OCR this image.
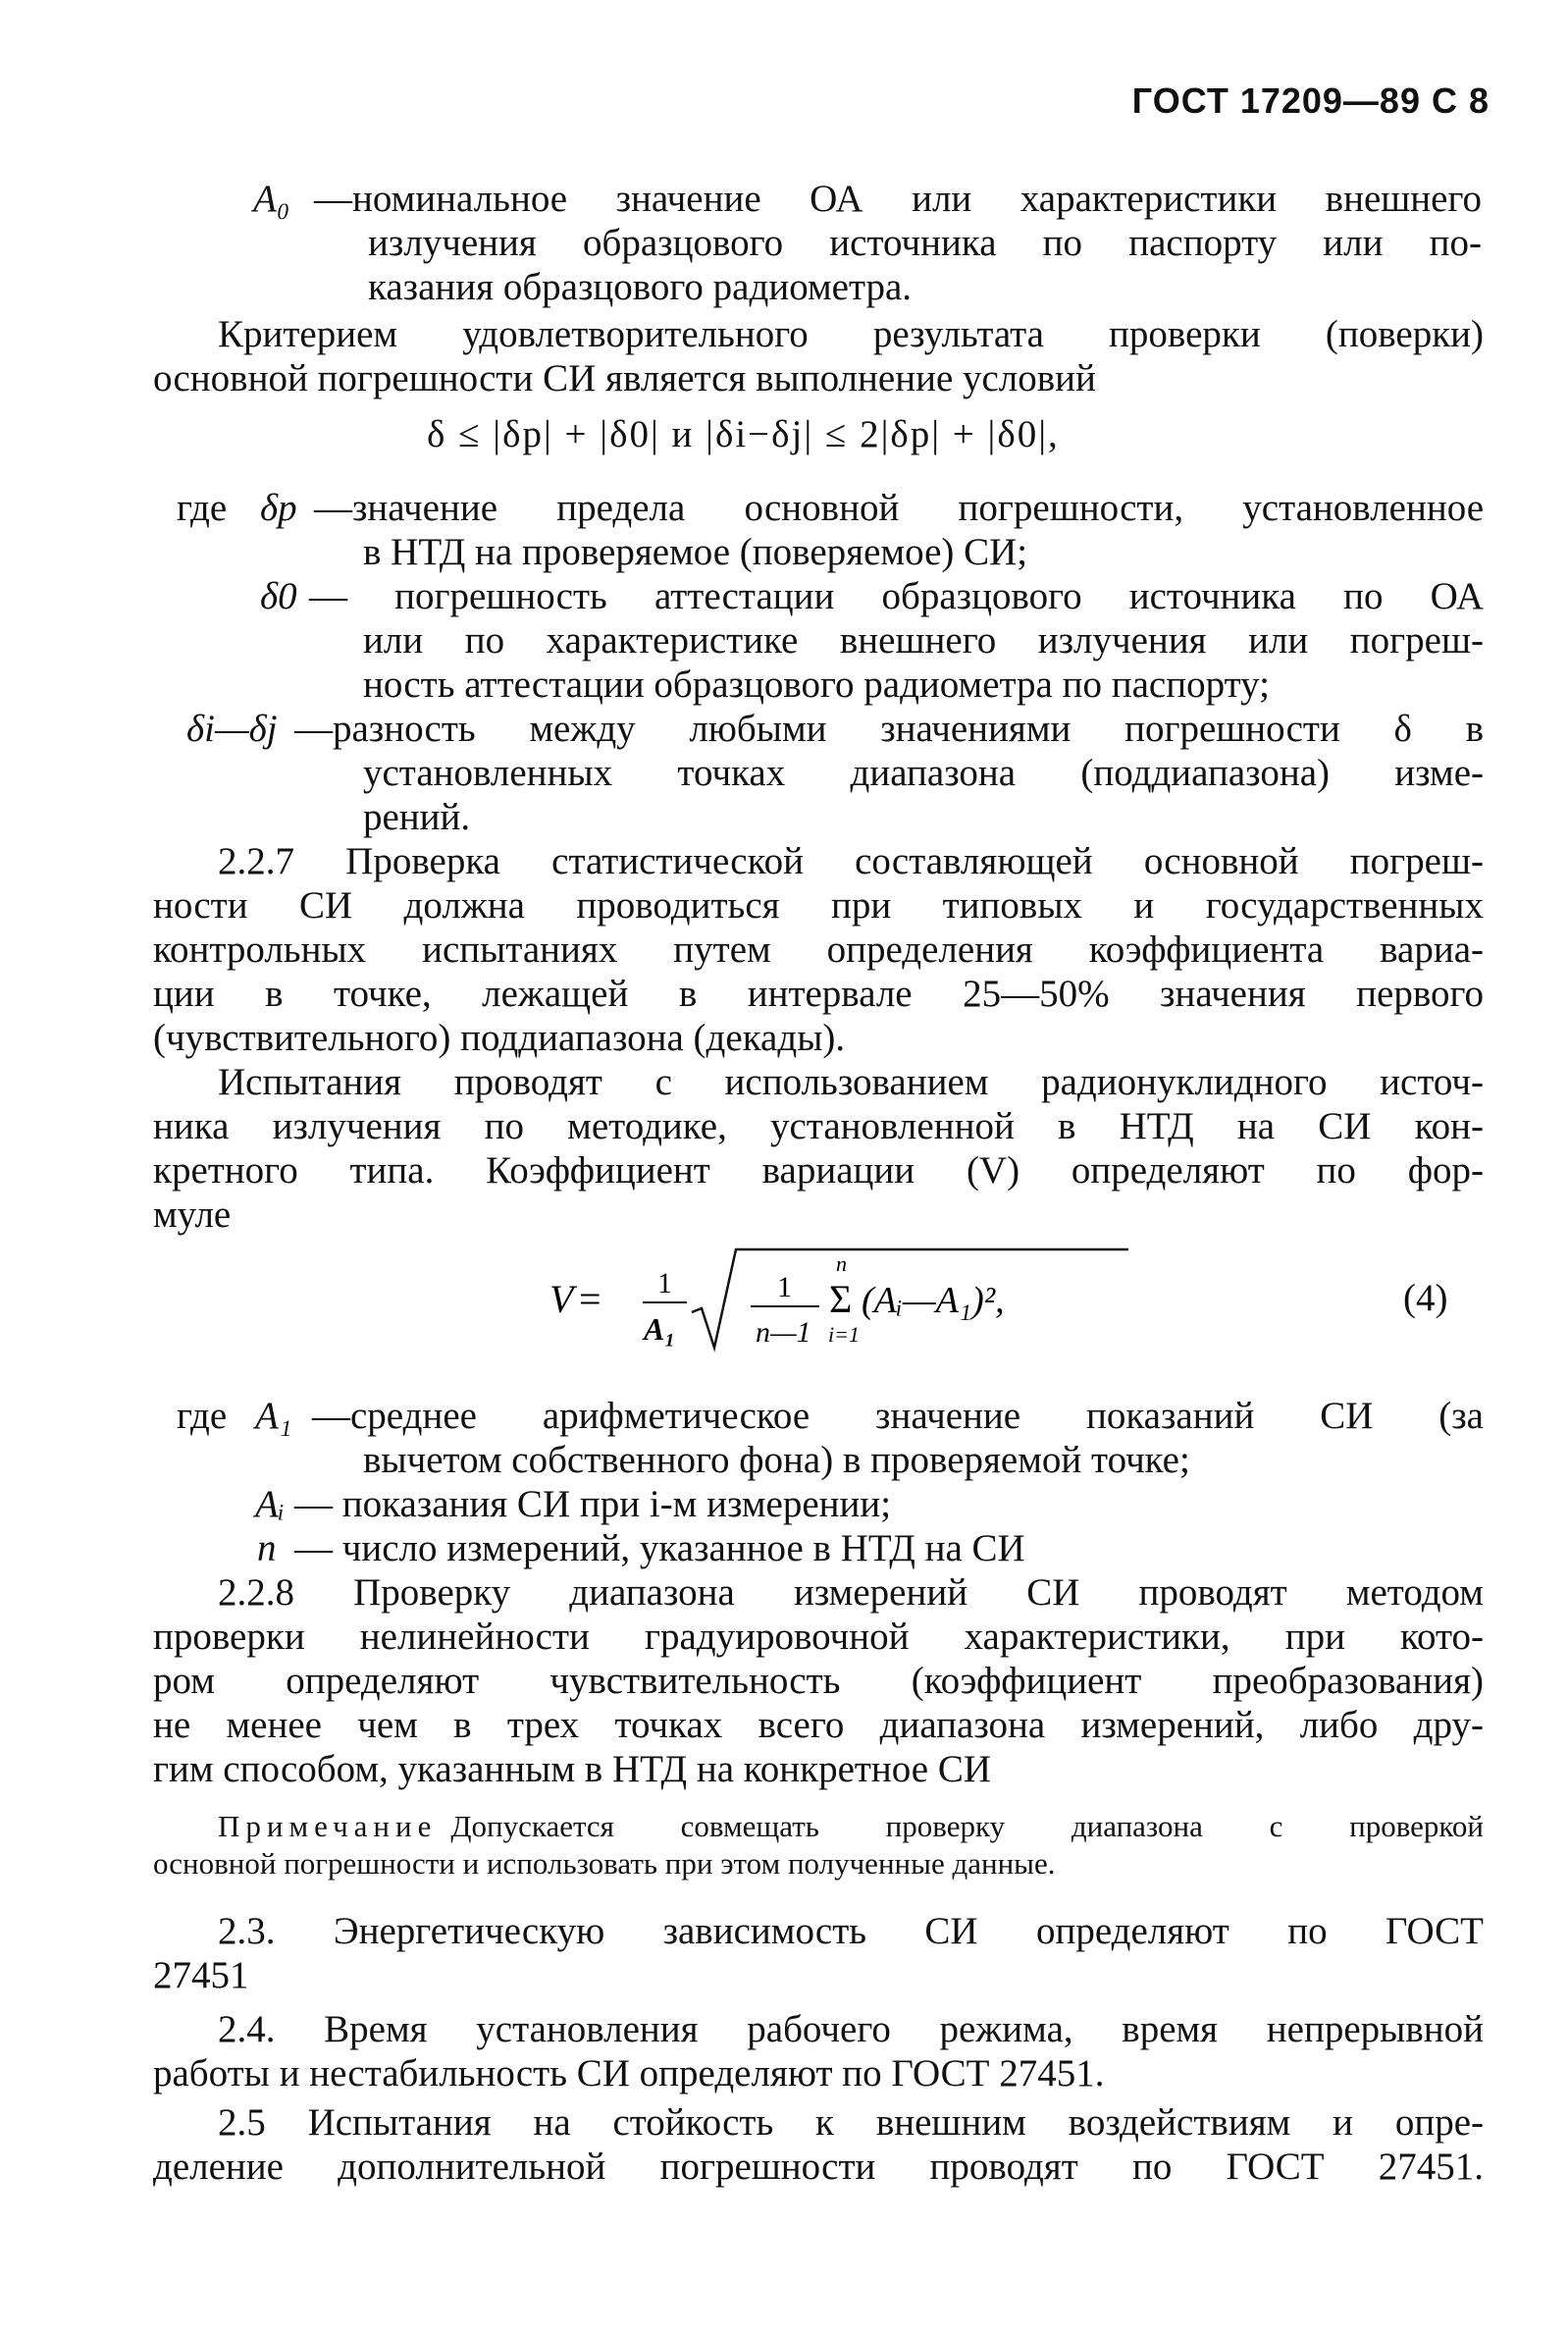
ГОСТ 17209—89 С 8
A₀ —номинальное значение ОА или характеристики внешнего
излучения образцового источника по паспорту или по-
казания образцового радиометра.
Критерием удовлетворительного результата проверки (поверки)
основной погрешности СИ является выполнение условий
δ ≤ |δp| + |δ0| и |δi−δj| ≤ 2|δp| + |δ0|,
где δp —значение предела основной погрешности, установленное
в НТД на проверяемое (поверяемое) СИ;
δ0 — погрешность аттестации образцового источника по ОА
или по характеристике внешнего излучения или погреш-
ность аттестации образцового радиометра по паспорту;
δi—δj —разность между любыми значениями погрешности δ в
установленных точках диапазона (поддиапазона) изме-
рений.
2.2.7 Проверка статистической составляющей основной погреш-
ности СИ должна проводиться при типовых и государственных
контрольных испытаниях путем определения коэффициента вариа-
ции в точке, лежащей в интервале 25—50% значения первого
(чувствительного) поддиапазона (декады).
Испытания проводят с использованием радионуклидного источ-
ника излучения по методике, установленной в НТД на СИ кон-
кретного типа. Коэффициент вариации (V) определяют по фор-
муле
V = 1
A₁
1
n—1
n
Σ
i=1
(Aᵢ—A₁)²,	(4)
где A₁ —среднее арифметическое значение показаний СИ (за
вычетом собственного фона) в проверяемой точке;
Aᵢ — показания СИ при i-м измерении;
n — число измерений, указанное в НТД на СИ
2.2.8 Проверку диапазона измерений СИ проводят методом
проверки нелинейности градуировочной характеристики, при кото-
ром определяют чувствительность (коэффициент преобразования)
не менее чем в трех точках всего диапазона измерений, либо дру-
гим способом, указанным в НТД на конкретное СИ
Примечание Допускается совмещать проверку диапазона с проверкой
основной погрешности и использовать при этом полученные данные.
2.3. Энергетическую зависимость СИ определяют по ГОСТ
27451
2.4. Время установления рабочего режима, время непрерывной
работы и нестабильность СИ определяют по ГОСТ 27451.
2.5 Испытания на стойкость к внешним воздействиям и опре-
деление дополнительной погрешности проводят по ГОСТ 27451.
